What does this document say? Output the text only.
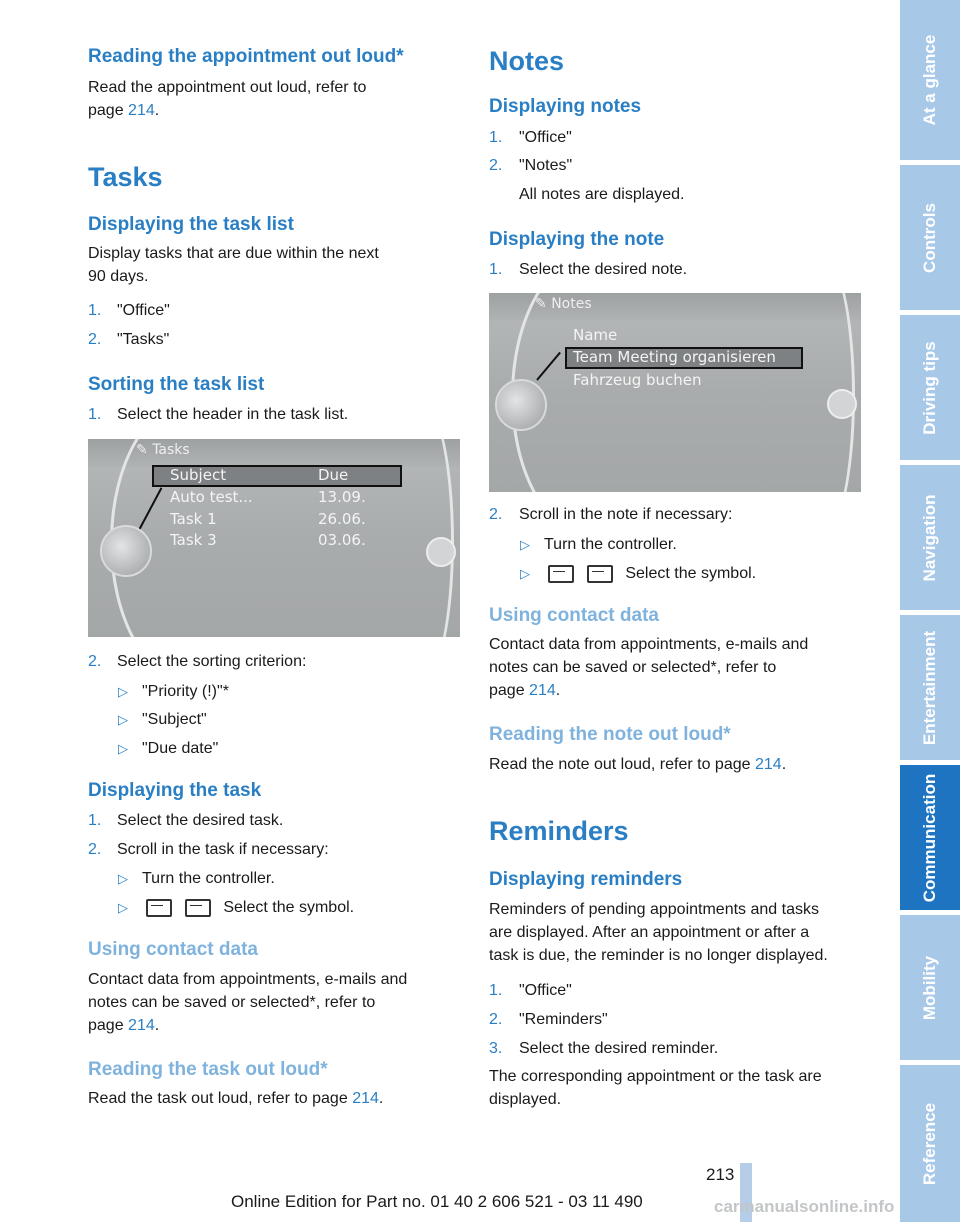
Reading the appointment out loud*
Read the appointment out loud, refer to
page 214.
Tasks
Displaying the task list
Display tasks that are due within the next
90 days.
1. "Office"
2. "Tasks"
Sorting the task list
1. Select the header in the task list.
✎ Tasks
Subject	Due
Auto test...	13.09.
Task 1	26.06.
Task 3	03.06.
2. Select the sorting criterion:
▷ "Priority (!)"*
▷ "Subject"
▷ "Due date"
Displaying the task
1. Select the desired task.
2. Scroll in the task if necessary:
▷ Turn the controller.
▷	Select the symbol.
Using contact data
Contact data from appointments, e-mails and
notes can be saved or selected*, refer to
page 214.
Reading the task out loud*
Read the task out loud, refer to page 214.
Notes
Displaying notes
1. "Office"
2. "Notes"
All notes are displayed.
Displaying the note
1. Select the desired note.
✎ Notes
Name
Team Meeting organisieren
Fahrzeug buchen
2. Scroll in the note if necessary:
▷ Turn the controller.
▷	Select the symbol.
Using contact data
Contact data from appointments, e-mails and
notes can be saved or selected*, refer to
page 214.
Reading the note out loud*
Read the note out loud, refer to page 214.
Reminders
Displaying reminders
Reminders of pending appointments and tasks
are displayed. After an appointment or after a
task is due, the reminder is no longer displayed.
1. "Office"
2. "Reminders"
3. Select the desired reminder.
The corresponding appointment or the task are
displayed.
At a glance
Controls
Driving tips
Navigation
Entertainment
Communication
Mobility
Reference
213
Online Edition for Part no. 01 40 2 606 521 - 03 11 490	carmanualsonline.info
